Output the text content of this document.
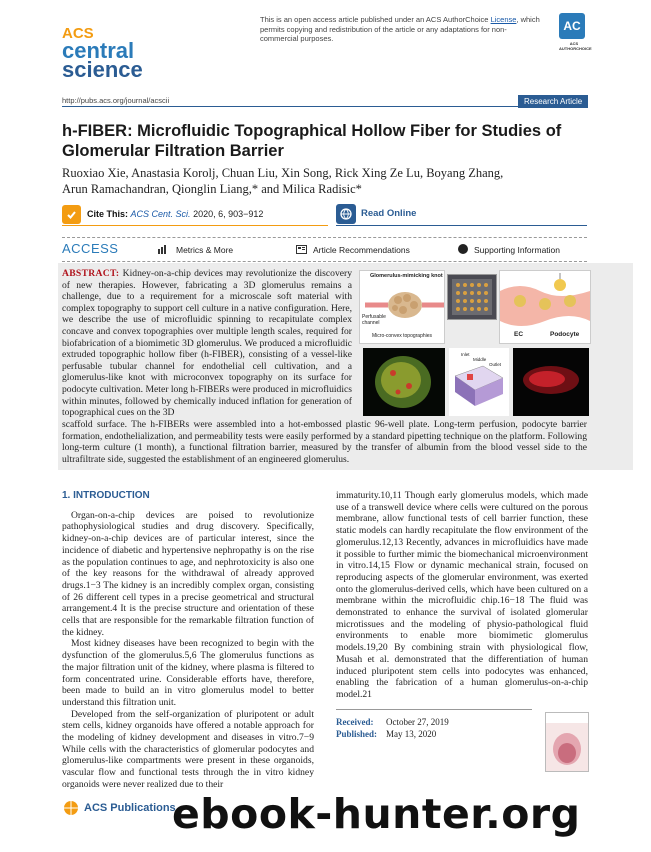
ACS
central
science
This is an open access article published under an ACS AuthorChoice License, which permits copying and redistribution of the article or any adaptations for non-commercial purposes.
AC
ACS AUTHORCHOICE
http://pubs.acs.org/journal/acscii	Research Article
h-FIBER: Microfluidic Topographical Hollow Fiber for Studies of Glomerular Filtration Barrier
Ruoxiao Xie, Anastasia Korolj, Chuan Liu, Xin Song, Rick Xing Ze Lu, Boyang Zhang,
Arun Ramachandran, Qionglin Liang,* and Milica Radisic*
Cite This: ACS Cent. Sci. 2020, 6, 903−912	Read Online
ACCESS	Metrics & More	Article Recommendations	Supporting Information
ABSTRACT: Kidney-on-a-chip devices may revolutionize the discovery of new therapies. However, fabricating a 3D glomerulus remains a challenge, due to a requirement for a microscale soft material with complex topography to support cell culture in a native configuration. Here, we describe the use of microfluidic spinning to recapitulate complex concave and convex topographies over multiple length scales, required for biofabrication of a biomimetic 3D glomerulus. We produced a microfluidic extruded topographic hollow fiber (h-FIBER), consisting of a vessel-like perfusable tubular channel for endothelial cell cultivation, and a glomerulus-like knot with microconvex topography on its surface for podocyte cultivation. Meter long h-FIBERs were produced in microfluidics within minutes, followed by chemically induced inflation for generation of topographical cues on the 3D
scaffold surface. The h-FIBERs were assembled into a hot-embossed plastic 96-well plate. Long-term perfusion, podocyte barrier formation, endothelialization, and permeability tests were easily performed by a standard pipetting technique on the platform. Following long-term culture (1 month), a functional filtration barrier, measured by the transfer of albumin from the blood vessel side to the ultrafiltrate side, suggested the establishment of an engineered glomerulus.
Glomerulus-mimicking knot
Perfusable channel
Micro-convex topographies	EC	Podocyte
Inlet
Middle
Outlet
1. INTRODUCTION

Organ-on-a-chip devices are poised to revolutionize pathophysiological studies and drug discovery. Specifically, kidney-on-a-chip devices are of particular interest, since the incidence of diabetic and hypertensive nephropathy is on the rise as the population continues to age, and nephrotoxicity is also one of the key reasons for the withdrawal of already approved drugs.1−3 The kidney is an incredibly complex organ, consisting of 26 different cell types in a precise geometrical and structural arrangement.4 It is the precise structure and orientation of these cells that are responsible for the remarkable filtration function of the kidney.

Most kidney diseases have been recognized to begin with the dysfunction of the glomerulus.5,6 The glomerulus functions as the major filtration unit of the kidney, where plasma is filtered to form concentrated urine. Considerable efforts have, therefore, been made to build an in vitro glomerulus model to better understand this filtration unit.

Developed from the self-organization of pluripotent or adult stem cells, kidney organoids have offered a notable approach for the modeling of kidney development and diseases in vitro.7−9 While cells with the characteristics of glomerular podocytes and glomerulus-like compartments were present in these organoids, vascular flow and functional tests through the in vitro kidney organoids were never realized due to their

immaturity.10,11 Though early glomerulus models, which made use of a transwell device where cells were cultured on the porous membrane, allow functional tests of cell barrier function, these static models can hardly recapitulate the flow environment of the glomerulus.12,13 Recently, advances in microfluidics have made it possible to further mimic the biomechanical microenvironment in vitro.14,15 Flow or dynamic mechanical strain, focused on reproducing aspects of the glomerular environment, was exerted onto the glomerulus-derived cells, which have been cultured on a membrane within the microfluidic chip.16−18 The fluid was demonstrated to enhance the survival of isolated glomerular microtissues and the modeling of physio-pathological fluid environments to enable more biomimetic glomerulus models.19,20 By combining strain with physiological flow, Musah et al. demonstrated that the differentiation of human induced pluripotent stem cells into podocytes was enhanced, enabling the fabrication of a human glomerulus-on-a-chip model.21

Received: October 27, 2019
Published: May 13, 2020
ACS Publications
ebook-hunter.org
